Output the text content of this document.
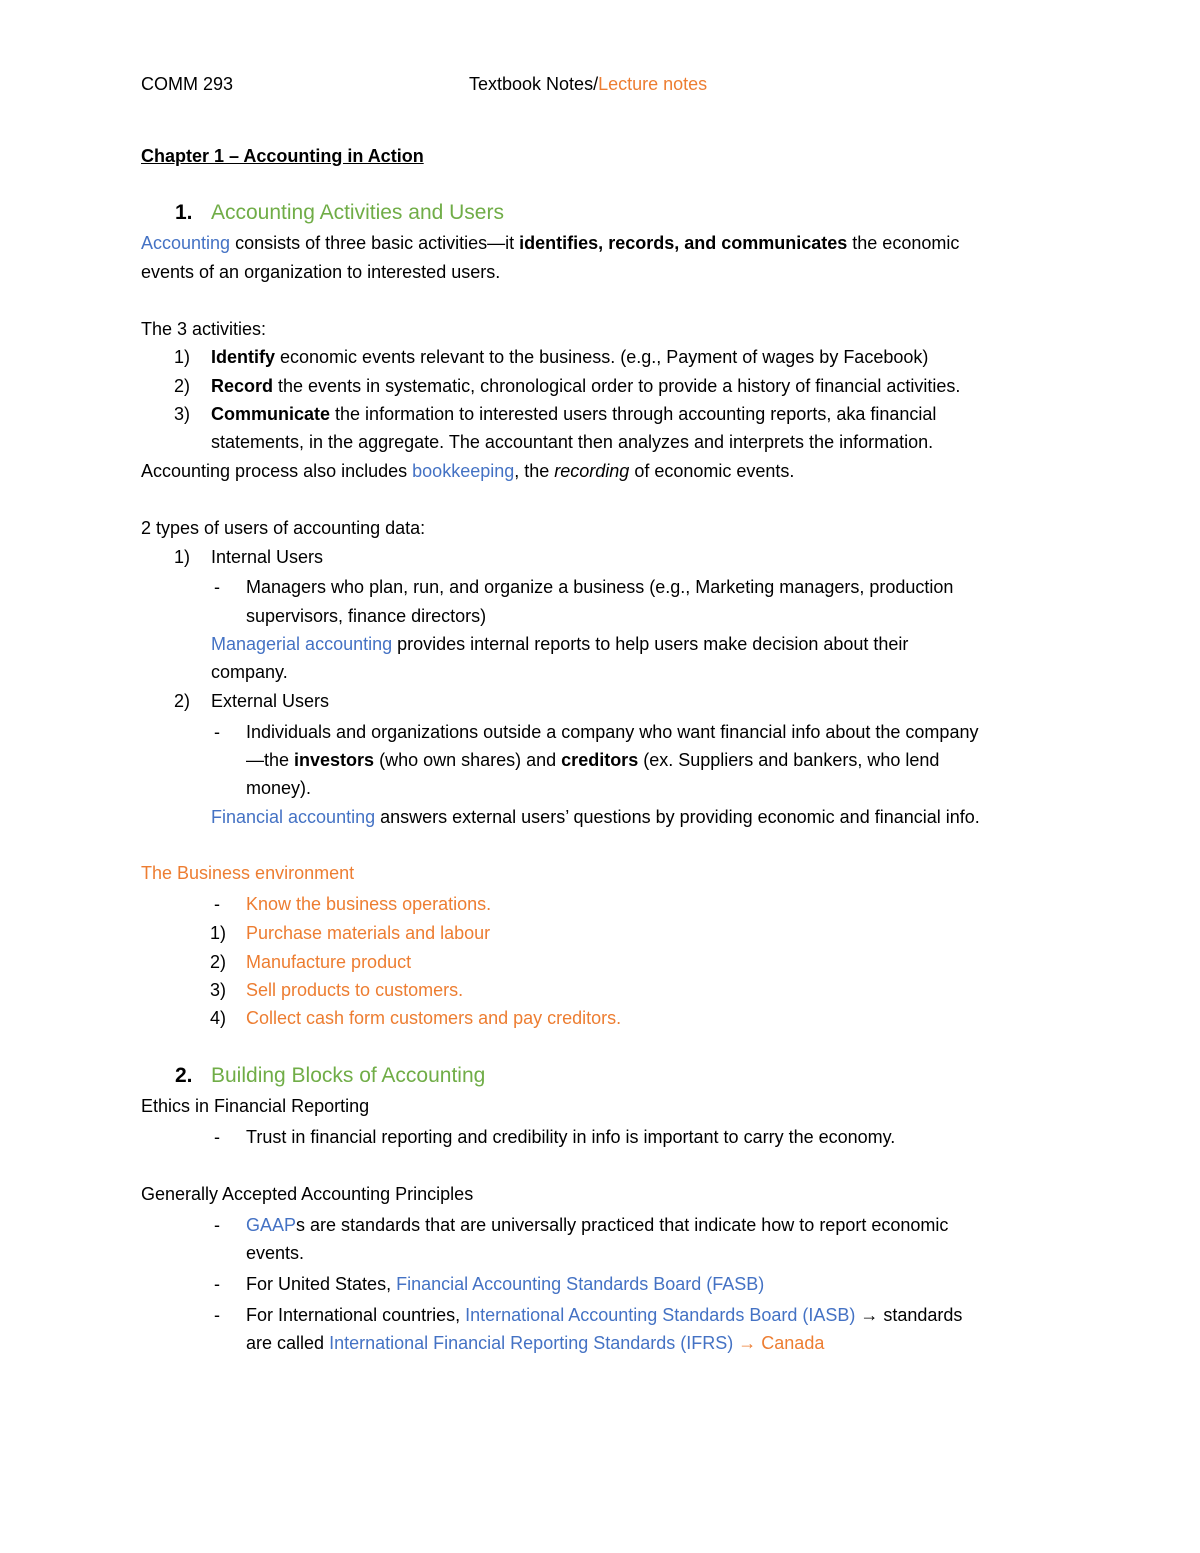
COMM 293	Textbook Notes/Lecture notes
Chapter 1 – Accounting in Action
1. Accounting Activities and Users
Accounting consists of three basic activities—it identifies, records, and communicates the economic
events of an organization to interested users.
The 3 activities:
1) Identify economic events relevant to the business. (e.g., Payment of wages by Facebook)
2) Record the events in systematic, chronological order to provide a history of financial activities.
3) Communicate the information to interested users through accounting reports, aka financial
statements, in the aggregate. The accountant then analyzes and interprets the information.
Accounting process also includes bookkeeping, the recording of economic events.
2 types of users of accounting data:
1) Internal Users
- Managers who plan, run, and organize a business (e.g., Marketing managers, production
supervisors, finance directors)
Managerial accounting provides internal reports to help users make decision about their
company.
2) External Users
- Individuals and organizations outside a company who want financial info about the company
—the investors (who own shares) and creditors (ex. Suppliers and bankers, who lend
money).
Financial accounting answers external users’ questions by providing economic and financial info.
The Business environment
- Know the business operations.
1) Purchase materials and labour
2) Manufacture product
3) Sell products to customers.
4) Collect cash form customers and pay creditors.
2. Building Blocks of Accounting
Ethics in Financial Reporting
- Trust in financial reporting and credibility in info is important to carry the economy.
Generally Accepted Accounting Principles
- GAAPs are standards that are universally practiced that indicate how to report economic
events.
- For United States, Financial Accounting Standards Board (FASB)
- For International countries, International Accounting Standards Board (IASB) → standards
are called International Financial Reporting Standards (IFRS) → Canada
